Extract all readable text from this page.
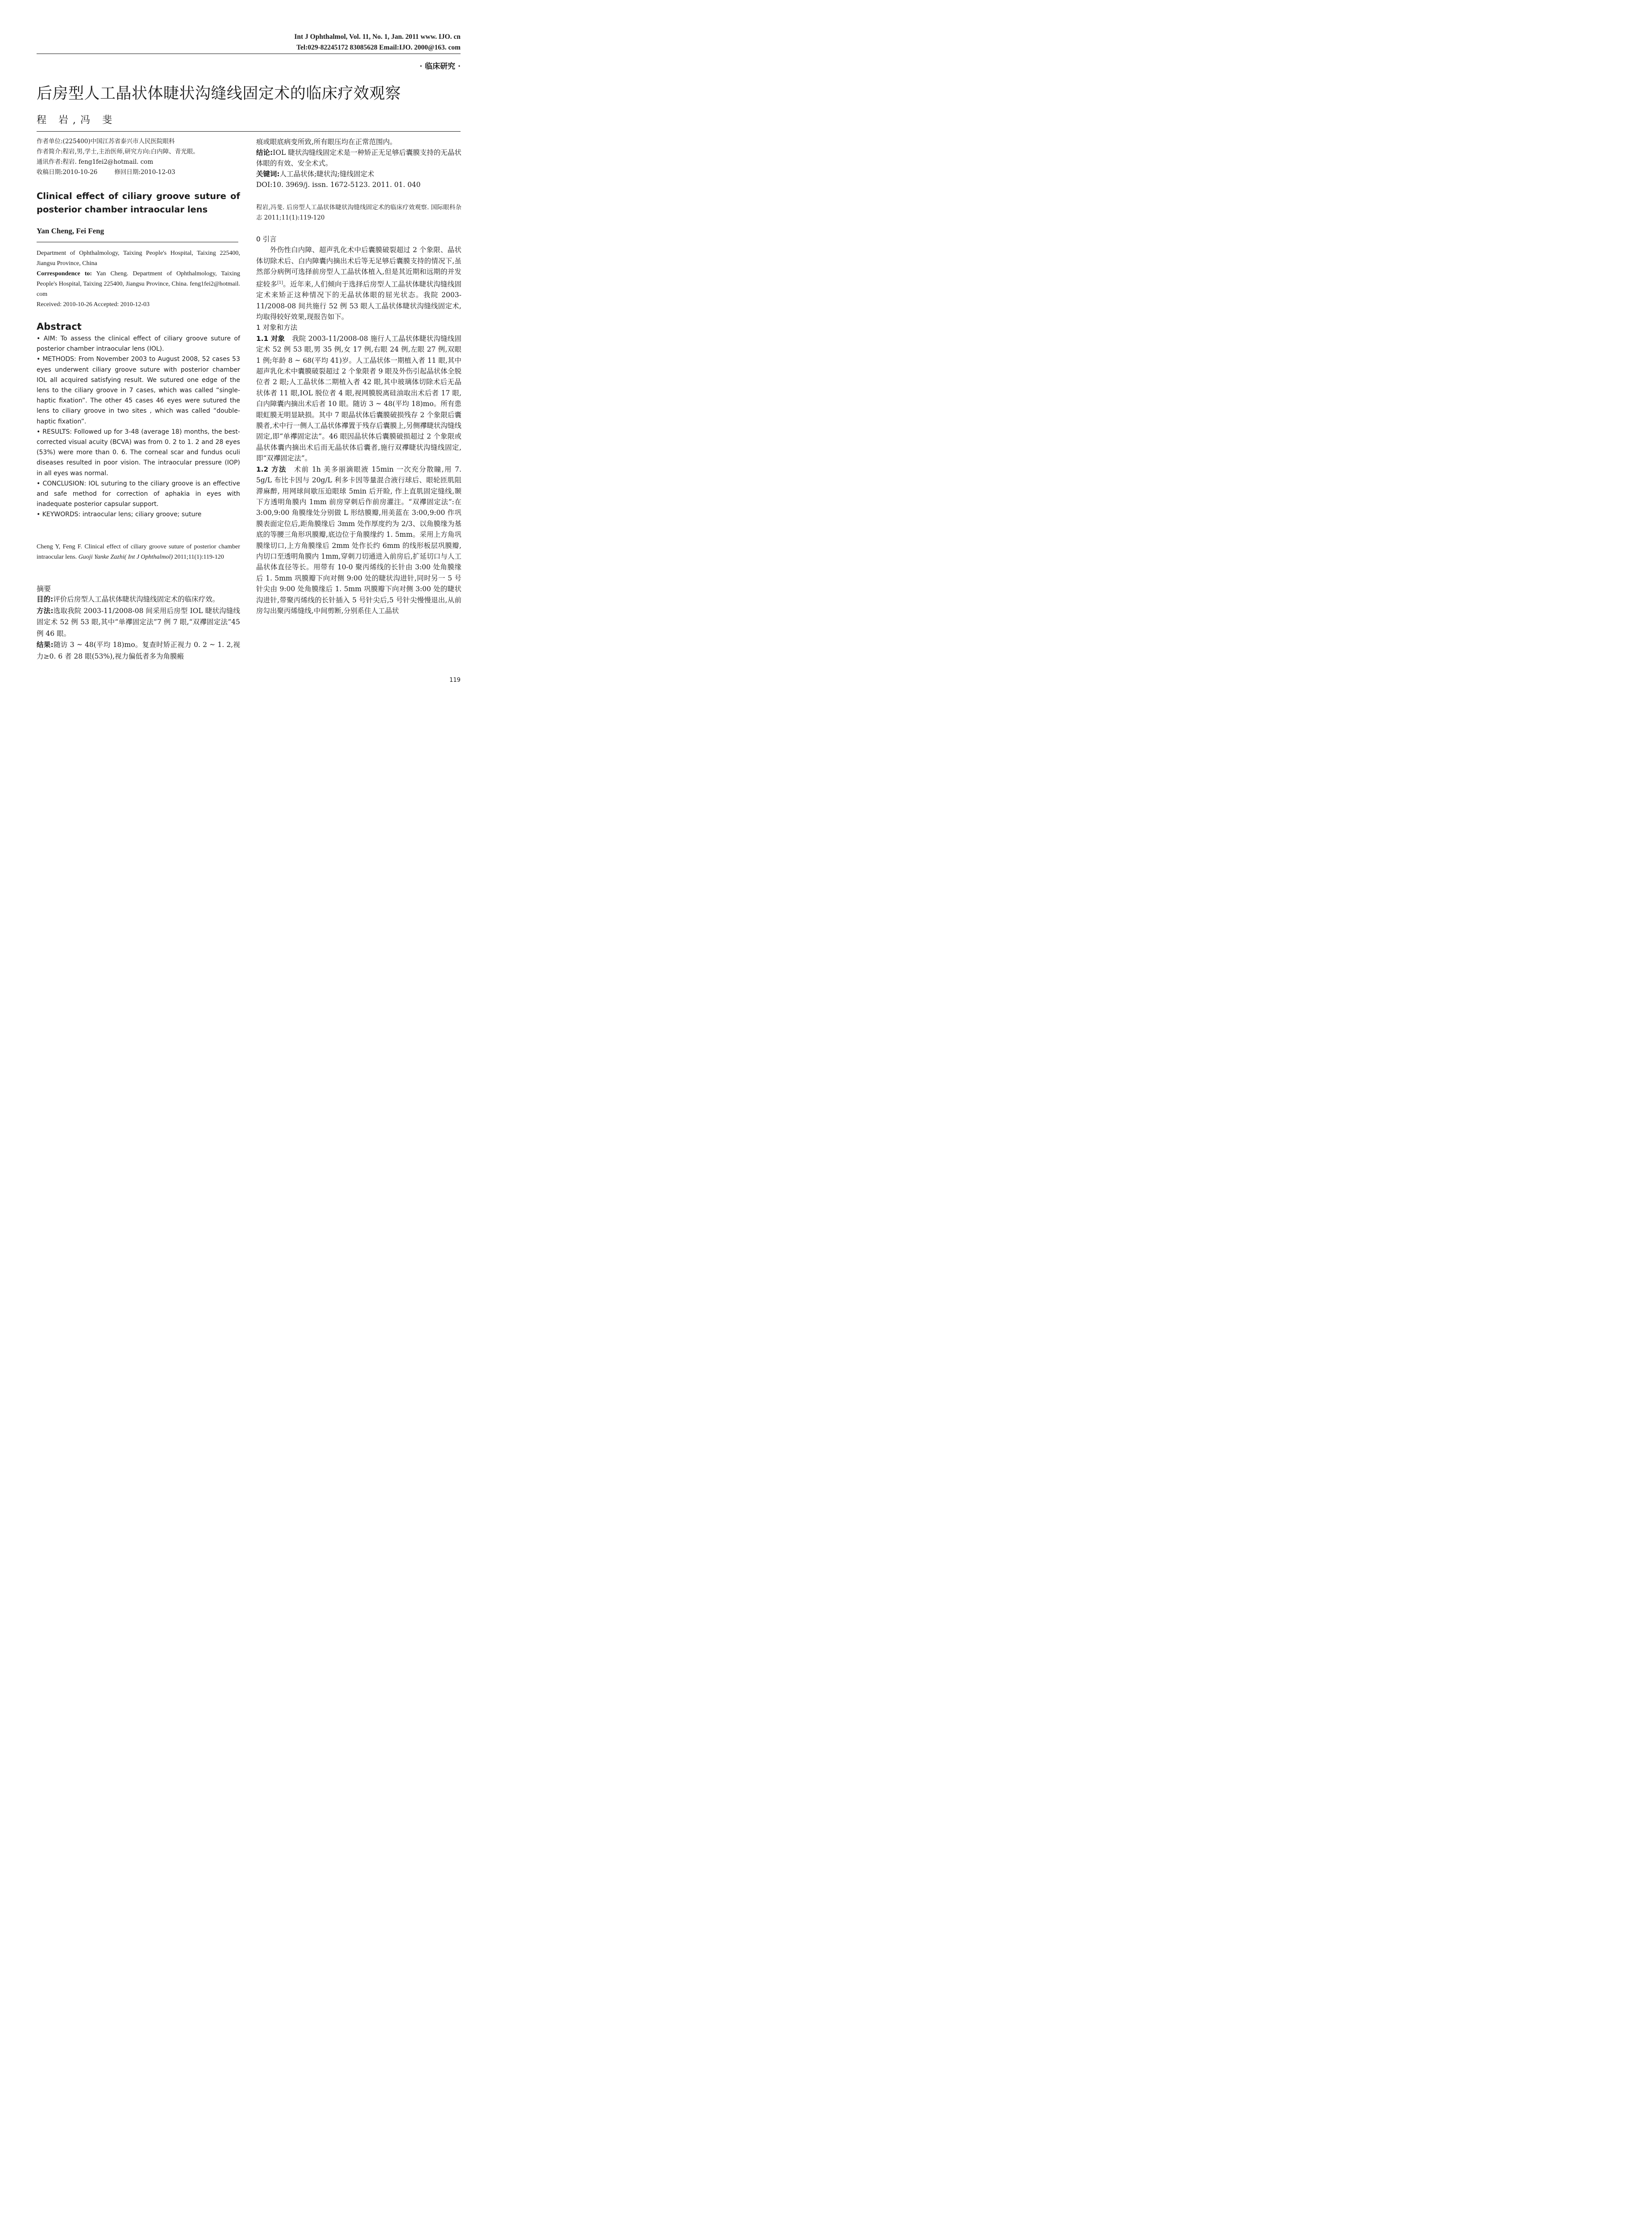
Int J Ophthalmol, Vol. 11, No. 1, Jan. 2011 www. IJO. cn
Tel:029-82245172 83085628 Email:IJO. 2000@163. com
· 临床研究 ·
后房型人工晶状体睫状沟缝线固定术的临床疗效观察
程 岩,冯 斐
作者单位:(225400)中国江苏省泰兴市人民医院眼科
作者简介:程岩,男,学士,主治医师,研究方向:白内障、青光眼。
通讯作者:程岩. feng1fei2@hotmail. com
收稿日期:2010-10-26	修回日期:2010-12-03
Clinical effect of ciliary groove suture of posterior chamber intraocular lens
Yan Cheng, Fei Feng

Department of Ophthalmology, Taixing People's Hospital, Taixing 225400, Jiangsu Province, China

Correspondence to: Yan Cheng. Department of Ophthalmology, Taixing People's Hospital, Taixing 225400, Jiangsu Province, China. feng1fei2@hotmail. com

Received: 2010-10-26 Accepted: 2010-12-03

Abstract

• AIM: To assess the clinical effect of ciliary groove suture of posterior chamber intraocular lens (IOL).

• METHODS: From November 2003 to August 2008, 52 cases 53 eyes underwent ciliary groove suture with posterior chamber IOL all acquired satisfying result. We sutured one edge of the lens to the ciliary groove in 7 cases, which was called “single-haptic fixation”. The other 45 cases 46 eyes were sutured the lens to ciliary groove in two sites , which was called “double-haptic fixation”.

• RESULTS: Followed up for 3-48 (average 18) months, the best-corrected visual acuity (BCVA) was from 0. 2 to 1. 2 and 28 eyes (53%) were more than 0. 6. The corneal scar and fundus oculi diseases resulted in poor vision. The intraocular pressure (IOP) in all eyes was normal.

• CONCLUSION: IOL suturing to the ciliary groove is an effective and safe method for correction of aphakia in eyes with inadequate posterior capsular support.

• KEYWORDS: intraocular lens; ciliary groove; suture

Cheng Y, Feng F. Clinical effect of ciliary groove suture of posterior chamber intraocular lens. Guoji Yanke Zazhi( Int J Ophthalmol) 2011;11(1):119-120
摘要

目的:评价后房型人工晶状体睫状沟缝线固定术的临床疗效。

方法:选取我院 2003-11/2008-08 间采用后房型 IOL 睫状沟缝线固定术 52 例 53 眼,其中“单襻固定法”7 例 7 眼,“双襻固定法”45 例 46 眼。

结果:随访 3 ~ 48(平均 18)mo。复查时矫正视力 0. 2 ~ 1. 2,视力≥0. 6 者 28 眼(53%),视力偏低者多为角膜瘢

痕或眼底病变所致,所有眼压均在正常范围内。

结论:IOL 睫状沟缝线固定术是一种矫正无足够后囊膜支持的无晶状体眼的有效、安全术式。

关键词:人工晶状体;睫状沟;缝线固定术

DOI:10. 3969/j. issn. 1672-5123. 2011. 01. 040

程岩,冯斐. 后房型人工晶状体睫状沟缝线固定术的临床疗效观察. 国际眼科杂志 2011;11(1):119-120

0 引言

外伤性白内障、超声乳化术中后囊膜破裂超过 2 个象限、晶状体切除术后、白内障囊内摘出术后等无足够后囊膜支持的情况下,虽然部分病例可选择前房型人工晶状体植入,但是其近期和远期的并发症较多[1]。近年来,人们倾向于选择后房型人工晶状体睫状沟缝线固定术来矫正这种情况下的无晶状体眼的屈光状态。我院 2003-11/2008-08 间共施行 52 例 53 眼人工晶状体睫状沟缝线固定术,均取得较好效果,现报告如下。

1 对象和方法

1.1 对象　我院 2003-11/2008-08 施行人工晶状体睫状沟缝线固定术 52 例 53 眼,男 35 例,女 17 例,右眼 24 例,左眼 27 例,双眼 1 例;年龄 8 ~ 68(平均 41)岁。人工晶状体一期植入者 11 眼,其中超声乳化术中囊膜破裂超过 2 个象限者 9 眼及外伤引起晶状体全脱位者 2 眼;人工晶状体二期植入者 42 眼,其中玻璃体切除术后无晶状体者 11 眼,IOL 脱位者 4 眼,视网膜脱离硅油取出术后者 17 眼,白内障囊内摘出术后者 10 眼。随访 3 ~ 48(平均 18)mo。所有患眼虹膜无明显缺损。其中 7 眼晶状体后囊膜破损残存 2 个象限后囊膜者,术中行一侧人工晶状体襻置于残存后囊膜上,另侧襻睫状沟缝线固定,即“单襻固定法”。46 眼因晶状体后囊膜破损超过 2 个象限或晶状体囊内摘出术后而无晶状体后囊者,施行双襻睫状沟缝线固定,即“双襻固定法”。

1.2 方法　术前 1h 美多丽滴眼液 15min 一次充分散瞳,用 7. 5g/L 布比卡因与 20g/L 利多卡因等量混合液行球后、眼轮匝肌阻滞麻醉, 用网球间歇压迫眼球 5min 后开睑, 作上直肌固定缝线,颞下方透明角膜内 1mm 前房穿刺后作前房灌注。“双襻固定法”:在 3:00,9:00 角膜缘处分别做 L 形结膜瓣,用美蓝在 3:00,9:00 作巩膜表面定位后,距角膜缘后 3mm 处作厚度约为 2/3、以角膜缘为基底的等腰三角形巩膜瓣,底边位于角膜缘约 1. 5mm。采用上方角巩膜缘切口,上方角膜缘后 2mm 处作长约 6mm 的线形板层巩膜瓣,内切口至透明角膜内 1mm,穿刺刀切通进入前房后,扩延切口与人工晶状体直径等长。用带有 10-0 聚丙烯线的长针由 3:00 处角膜缘后 1. 5mm 巩膜瓣下向对侧 9:00 处的睫状沟进针,同时另一 5 号针尖由 9:00 处角膜缘后 1. 5mm 巩膜瓣下向对侧 3:00 处的睫状沟进针,带聚丙烯线的长针插入 5 号针尖后,5 号针尖慢慢退出,从前房勾出聚丙烯缝线,中间剪断,分别系住人工晶状

119
